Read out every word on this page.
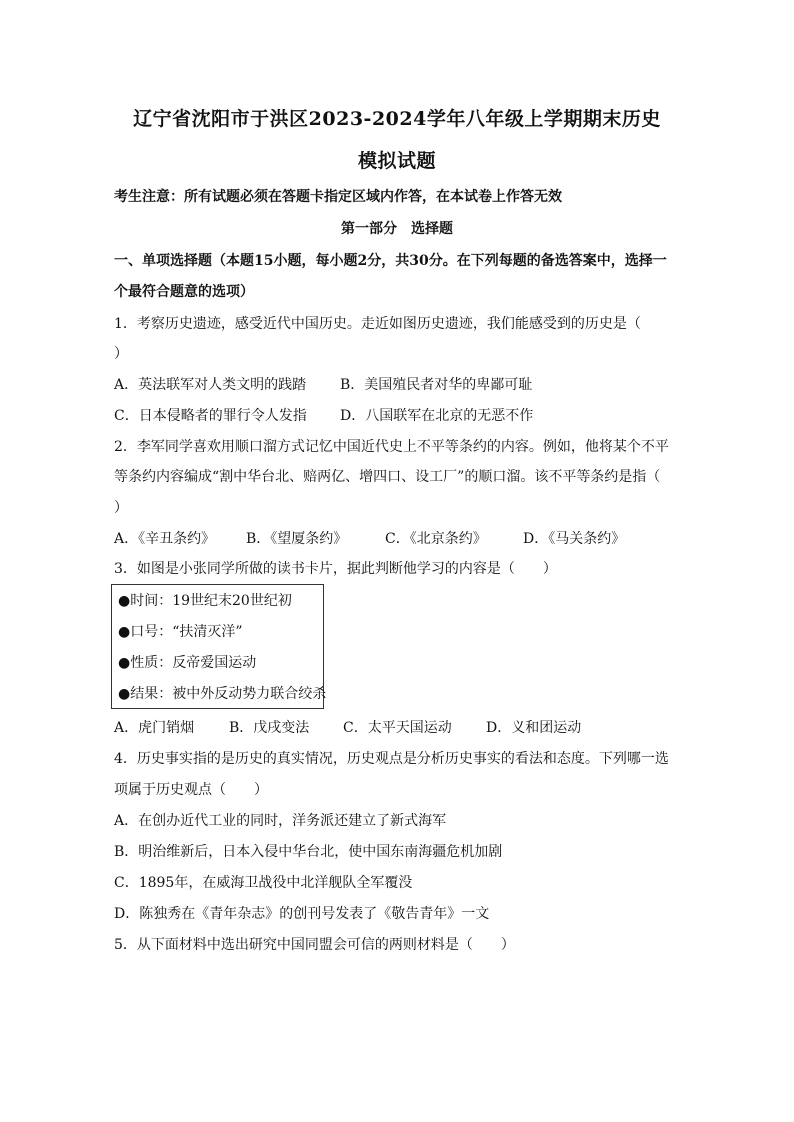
辽宁省沈阳市于洪区2023-2024学年八年级上学期期末历史
模拟试题
考生注意：所有试题必须在答题卡指定区域内作答，在本试卷上作答无效
第一部分　选择题
一、单项选择题（本题15小题，每小题2分，共30分。在下列每题的备选答案中，选择一
个最符合题意的选项）
1．考察历史遗迹，感受近代中国历史。走近如图历史遗迹，我们能感受到的历史是（
）
A．英法联军对人类文明的践踏 B．美国殖民者对华的卑鄙可耻
C．日本侵略者的罪行令人发指 D．八国联军在北京的无恶不作
2．李军同学喜欢用顺口溜方式记忆中国近代史上不平等条约的内容。例如，他将某个不平
等条约内容编成“割中华台北、赔两亿、增四口、设工厂”的顺口溜。该不平等条约是指（
）
A．《辛丑条约》 B．《望厦条约》	C．《北京条约》	D．《马关条约》
3．如图是小张同学所做的读书卡片，据此判断他学习的内容是（　　）
●时间：19世纪末20世纪初
●口号：“扶清灭洋”
●性质：反帝爱国运动
●结果：被中外反动势力联合绞杀
A．虎门销烟 B．戊戌变法 C．太平天国运动 D．义和团运动
4．历史事实指的是历史的真实情况，历史观点是分析历史事实的看法和态度。下列哪一选
项属于历史观点（　　）
A．在创办近代工业的同时，洋务派还建立了新式海军
B．明治维新后，日本入侵中华台北，使中国东南海疆危机加剧
C．1895年，在威海卫战役中北洋舰队全军覆没
D．陈独秀在《青年杂志》的创刊号发表了《敬告青年》一文
5．从下面材料中选出研究中国同盟会可信的两则材料是（　　）
